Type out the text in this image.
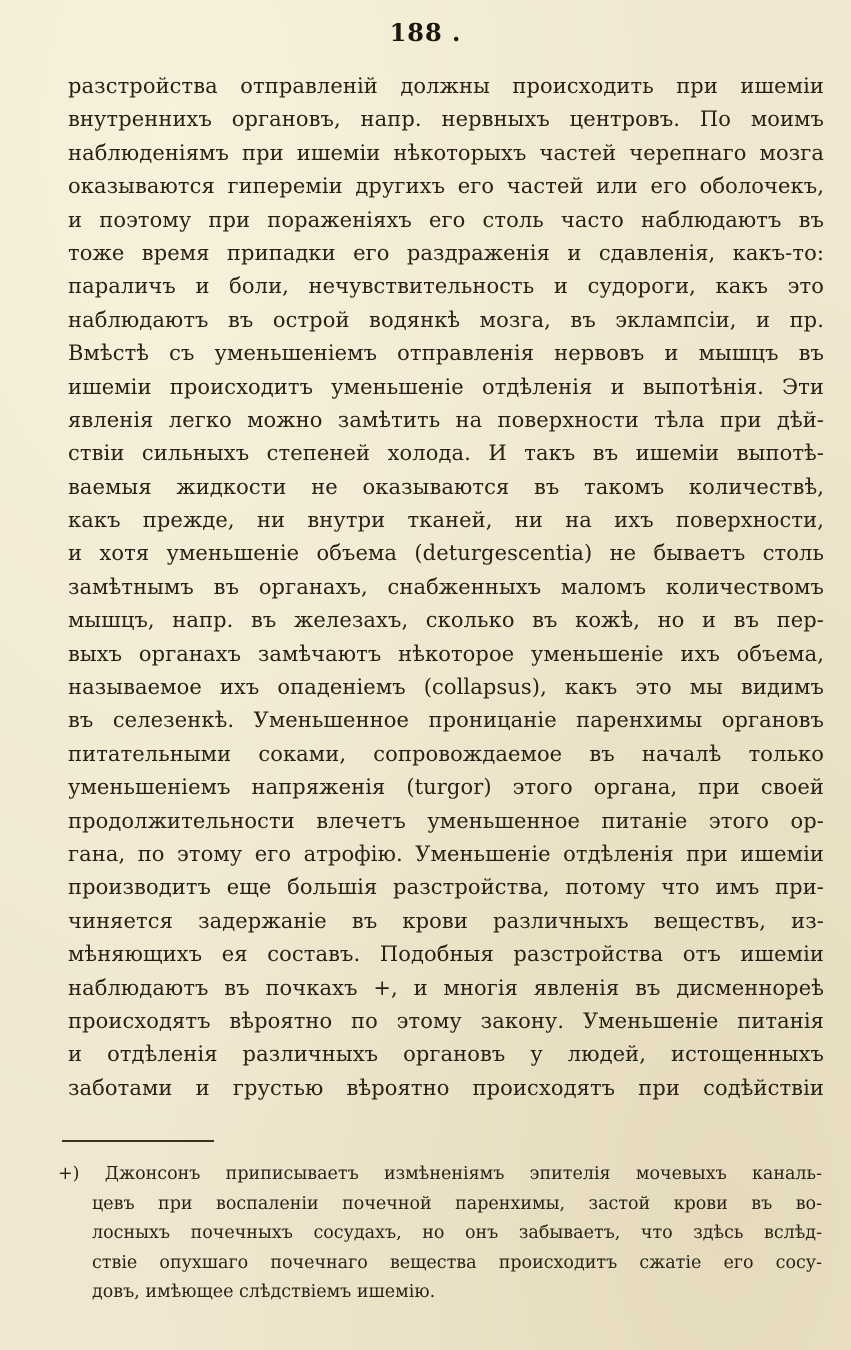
188 .
разстройства отправленій должны происходить при ишеміи
внутреннихъ органовъ, напр. нервныхъ центровъ. По моимъ
наблюденіямъ при ишеміи нѣкоторыхъ частей черепнаго мозга
оказываются гипереміи другихъ его частей или его оболочекъ,
и поэтому при пораженіяхъ его столь часто наблюдаютъ въ
тоже время припадки его раздраженія и сдавленія, какъ-то:
параличъ и боли, нечувствительность и судороги, какъ это
наблюдаютъ въ острой водянкѣ мозга, въ эклампсіи, и пр.
Вмѣстѣ съ уменьшеніемъ отправленія нервовъ и мышцъ въ
ишеміи происходитъ уменьшеніе отдѣленія и выпотѣнія. Эти
явленія легко можно замѣтить на поверхности тѣла при дѣй-
ствіи сильныхъ степеней холода. И такъ въ ишеміи выпотѣ-
ваемыя жидкости не оказываются въ такомъ количествѣ,
какъ прежде, ни внутри тканей, ни на ихъ поверхности,
и хотя уменьшеніе объема (deturgescentia) не бываетъ столь
замѣтнымъ въ органахъ, снабженныхъ маломъ количествомъ
мышцъ, напр. въ железахъ, сколько въ кожѣ, но и въ пер-
выхъ органахъ замѣчаютъ нѣкоторое уменьшеніе ихъ объема,
называемое ихъ опаденіемъ (collapsus), какъ это мы видимъ
въ селезенкѣ. Уменьшенное проницаніе паренхимы органовъ
питательными соками, сопровождаемое въ началѣ только
уменьшеніемъ напряженія (turgor) этого органа, при своей
продолжительности влечетъ уменьшенное питаніе этого ор-
гана, по этому его атрофію. Уменьшеніе отдѣленія при ишеміи
производитъ еще большія разстройства, потому что имъ при-
чиняется задержаніе въ крови различныхъ веществъ, из-
мѣняющихъ ея составъ. Подобныя разстройства отъ ишеміи
наблюдаютъ въ почкахъ +, и многія явленія въ дисменнореѣ
происходятъ вѣроятно по этому закону. Уменьшеніе питанія
и отдѣленія различныхъ органовъ у людей, истощенныхъ
заботами и грустью вѣроятно происходятъ при содѣйствіи
+) Джонсонъ приписываетъ измѣненіямъ эпителія мочевыхъ каналь-
цевъ при воспаленіи почечной паренхимы, застой крови въ во-
лосныхъ почечныхъ сосудахъ, но онъ забываетъ, что здѣсь вслѣд-
ствіе опухшаго почечнаго вещества происходитъ сжатіе его сосу-
довъ, имѣющее слѣдствіемъ ишемію.
